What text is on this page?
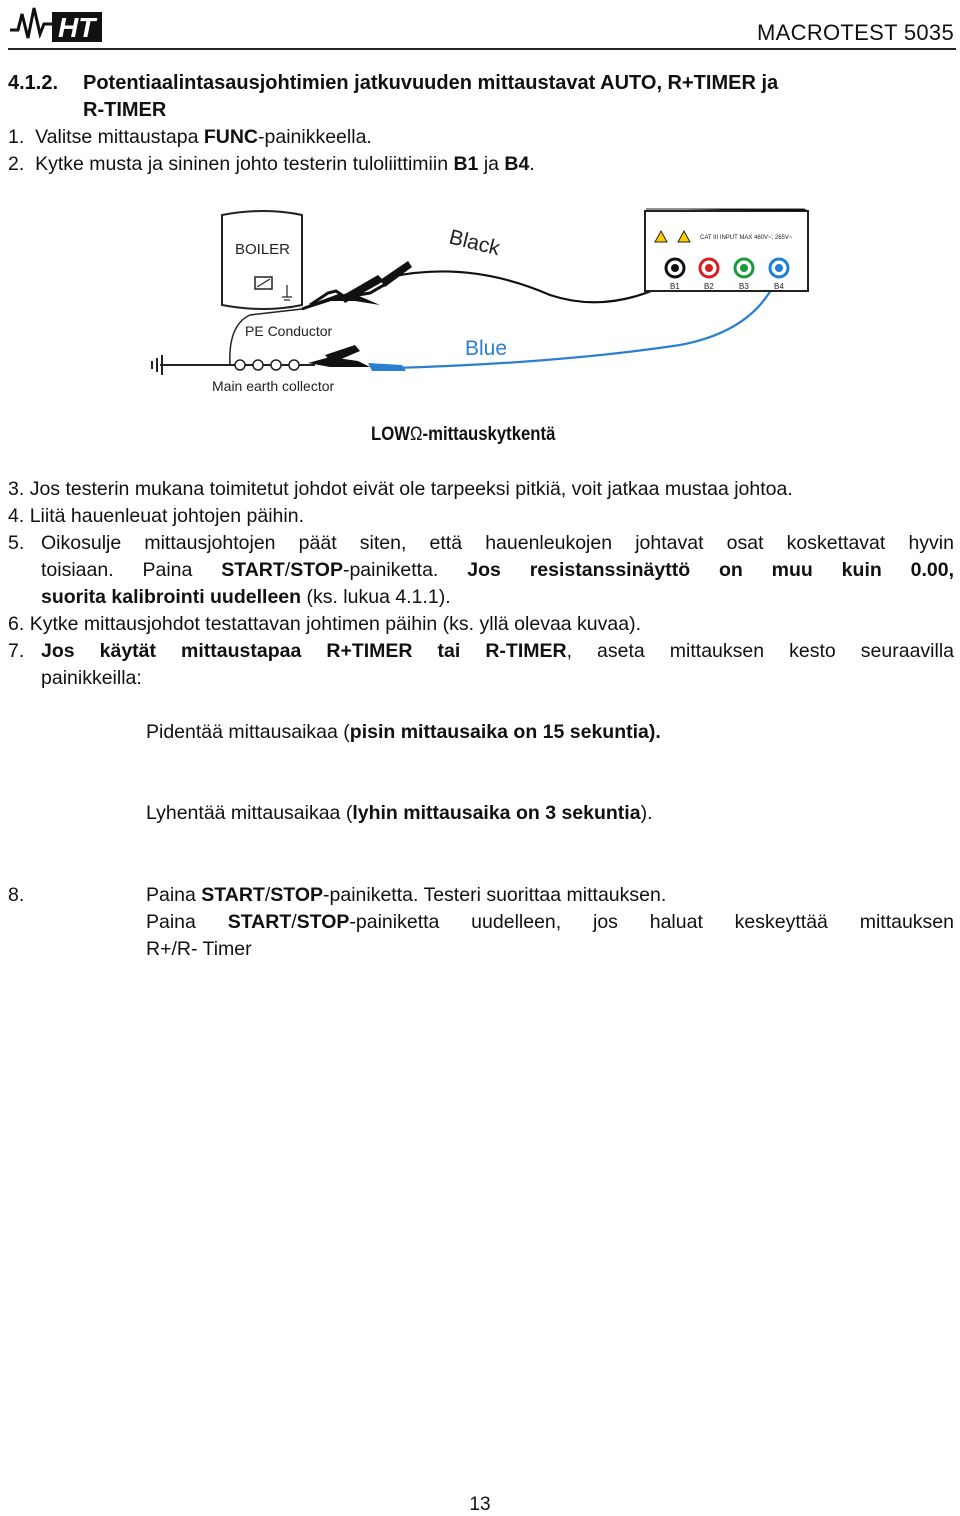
HT	MACROTEST 5035
4.1.2. Potentiaalintasausjohtimien jatkuvuuden mittaustavat AUTO, R+TIMER ja
R-TIMER
1. Valitse mittaustapa FUNC-painikkeella.
2. Kytke musta ja sininen johto testerin tuloliittimiin B1 ja B4.
BOILER	Black
Blue
PE Conductor
Main earth collector
CAT III INPUT MAX 460V~; 265V~
B1	B2	B3	B4
LOWΩ-mittauskytkentä
3. Jos testerin mukana toimitetut johdot eivät ole tarpeeksi pitkiä, voit jatkaa mustaa johtoa.
4. Liitä hauenleuat johtojen päihin.
5. Oikosulje mittausjohtojen päät siten, että hauenleukojen johtavat osat koskettavat hyvin
toisiaan. Paina START/STOP-painiketta. Jos resistanssinäyttö on muu kuin 0.00,
suorita kalibrointi uudelleen (ks. lukua 4.1.1).
6. Kytke mittausjohdot testattavan johtimen päihin (ks. yllä olevaa kuvaa).
7. Jos käytät mittaustapaa R+TIMER tai R-TIMER, aseta mittauksen kesto seuraavilla
painikkeilla:
Pidentää mittausaikaa (pisin mittausaika on 15 sekuntia).
Lyhentää mittausaikaa (lyhin mittausaika on 3 sekuntia).
8.	Paina START/STOP-painiketta. Testeri suorittaa mittauksen.
Paina START/STOP-painiketta uudelleen, jos haluat keskeyttää mittauksen
R+/R- Timer
13
